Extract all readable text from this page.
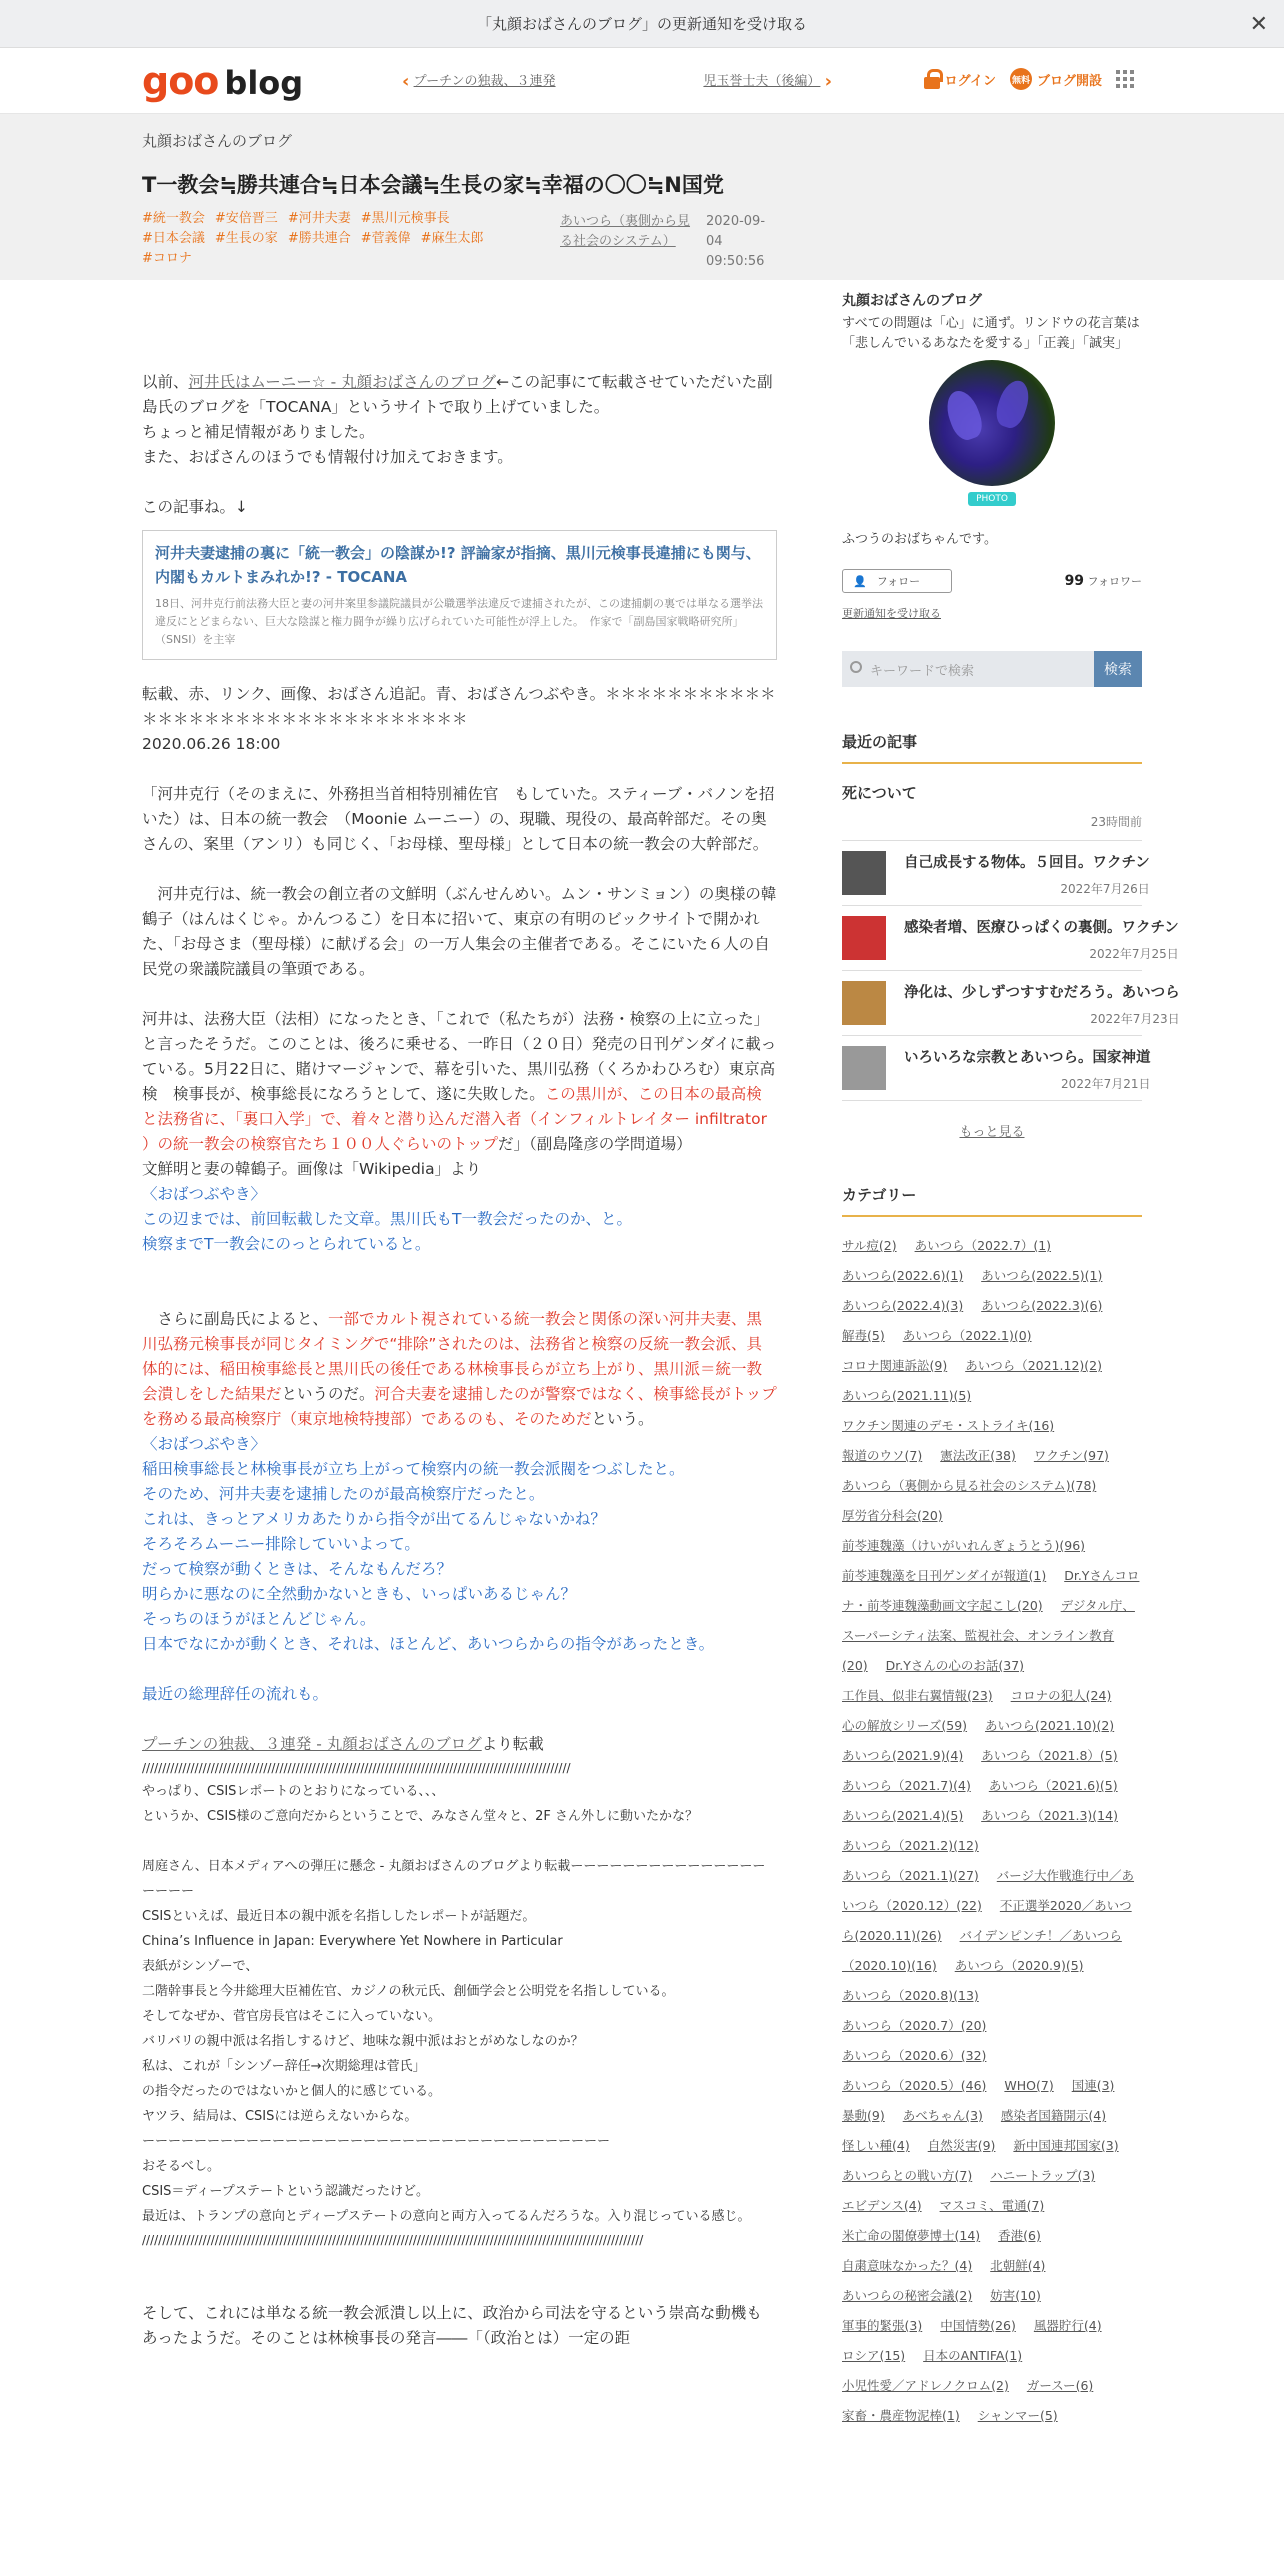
「丸顔おばさんのブログ」の更新通知を受け取る	✕
goo blog	‹ プーチンの独裁、３連発	児玉誉士夫（後編） ›	ログイン 無料 ブログ開設
丸顔おばさんのブログ
T一教会≒勝共連合≒日本会議≒生長の家≒幸福の〇〇≒N国党
#統一教会 #安倍晋三 #河井夫妻 #黒川元検事長#日本会議 #生長の家 #勝共連合 #菅義偉 #麻生太郎#コロナ
あいつら（裏側から見る社会のシステム）
2020-09-04
09:50:56

以前、河井氏はムーニー☆ - 丸顔おばさんのブログ←この記事にて転載させていただいた副島氏のブログを「TOCANA」というサイトで取り上げていました。

ちょっと補足情報がありました。

また、おばさんのほうでも情報付け加えておきます。

この記事ね。↓

河井夫妻逮捕の裏に「統一教会」の陰謀か!? 評論家が指摘、黒川元検事長違捕にも関与、内閣もカルトまみれか!? - TOCANA
18日、河井克行前法務大臣と妻の河井案里参議院議員が公職選挙法違反で逮捕されたが、この逮捕劇の裏では単なる選挙法違反にとどまらない、巨大な陰謀と権力闘争が繰り広げられていた可能性が浮上した。　作家で「副島国家戦略研究所」（SNSI）を主宰

転載、赤、リンク、画像、おばさん追記。青、おばさんつぶやき。＊＊＊＊＊＊＊＊＊＊＊＊＊＊＊＊＊＊＊＊＊＊＊＊＊＊＊＊＊＊＊＊

2020.06.26 18:00

「河井克行（そのまえに、外務担当首相特別補佐官　もしていた。スティーブ・バノンを招いた）は、日本の統一教会　（Moonie ムーニー）の、現職、現役の、最高幹部だ。その奥さんの、案里（アンリ）も同じく、「お母様、聖母様」として日本の統一教会の大幹部だ。

　河井克行は、統一教会の創立者の文鮮明（ぶんせんめい。ムン・サンミョン）の奥様の韓鶴子（はんはくじゃ。かんつるこ）を日本に招いて、東京の有明のビックサイトで開かれた、「お母さま（聖母様）に献げる会」の一万人集会の主催者である。そこにいた６人の自民党の衆議院議員の筆頭である。

河井は、法務大臣（法相）になったとき、「これで（私たちが）法務・検察の上に立った」と言ったそうだ。このことは、後ろに乗せる、一昨日（２０日）発売の日刊ゲンダイに載っている。5月22日に、賭けマージャンで、幕を引いた、黒川弘務（くろかわひろむ）東京高検　検事長が、検事総長になろうとして、遂に失敗した。この黒川が、この日本の最高検と法務省に、「裏口入学」で、着々と潜り込んだ潜入者（インフィルトレイター infiltrator ）の統一教会の検察官たち１００人ぐらいのトップだ」（副島隆彦の学問道場）

文鮮明と妻の韓鶴子。画像は「Wikipedia」より

〈おばつぶやき〉

この辺までは、前回転載した文章。黒川氏もT一教会だったのか、と。

検察までT一教会にのっとられていると。

　さらに副島氏によると、一部でカルト視されている統一教会と関係の深い河井夫妻、黒川弘務元検事長が同じタイミングで“排除”されたのは、法務省と検察の反統一教会派、具体的には、稲田検事総長と黒川氏の後任である林検事長らが立ち上がり、黒川派＝統一教会潰しをした結果だというのだ。河合夫妻を逮捕したのが警察ではなく、検事総長がトップを務める最高検察庁（東京地検特捜部）であるのも、そのためだという。

〈おばつぶやき〉

稲田検事総長と林検事長が立ち上がって検察内の統一教会派閥をつぶしたと。

そのため、河井夫妻を逮捕したのが最高検察庁だったと。

これは、きっとアメリカあたりから指令が出てるんじゃないかね？

そろそろムーニー排除していいよって。

だって検察が動くときは、そんなもんだろ？

明らかに悪なのに全然動かないときも、いっぱいあるじゃん？

そっちのほうがほとんどじゃん。

日本でなにかが動くとき、それは、ほとんど、あいつらからの指令があったとき。

最近の総理辞任の流れも。

プーチンの独裁、３連発 - 丸顔おばさんのブログより転載

//////////////////////////////////////////////////////////////////////////////////////////////////////////

やっぱり、CSISレポートのとおりになっている、、、

というか、CSIS様のご意向だからということで、みなさん堂々と、2F さん外しに動いたかな？

周庭さん、日本メディアへの弾圧に懸念 - 丸顔おばさんのブログより転載ーーーーーーーーーーーーーーーーーーー

CSISといえば、最近日本の親中派を名指ししたレポートが話題だ。

China’s Influence in Japan: Everywhere Yet Nowhere in Particular

表紙がシンゾーで、

二階幹事長と今井総理大臣補佐官、カジノの秋元氏、創価学会と公明党を名指ししている。

そしてなぜか、菅官房長官はそこに入っていない。

バリバリの親中派は名指しするけど、地味な親中派はおとがめなしなのか？

私は、これが「シンゾー辞任→次期総理は菅氏」

の指令だったのではないかと個人的に感じている。

ヤツラ、結局は、CSISには逆らえないからな。

ーーーーーーーーーーーーーーーーーーーーーーーーーーーーーーーーーーーー

おそるべし。

CSIS＝ディープステートという認識だったけど。

最近は、トランプの意向とディープステートの意向と両方入ってるんだろうな。入り混じっている感じ。

////////////////////////////////////////////////////////////////////////////////////////////////////////////////////////////

そして、これには単なる統一教会派潰し以上に、政治から司法を守るという崇高な動機もあったようだ。そのことは林検事長の発言――「（政治とは）一定の距

丸顔おばさんのブログ
すべての問題は「心」に通ず。リンドウの花言葉は「悲しんでいるあなたを愛する」「正義」「誠実」
PHOTO
ふつうのおばちゃんです。
👤 フォロー	99 フォロワー
更新通知を受け取る
キーワードで検索	検索
最近の記事
死について
23時間前
自己成長する物体。５回目。ワクチン
2022年7月26日
感染者増、医療ひっぱくの裏側。ワクチン
2022年7月25日
浄化は、少しずつすすむだろう。あいつら
2022年7月23日
いろいろな宗教とあいつら。国家神道
2022年7月21日
もっと見る
カテゴリー
サル痘(2) あいつら（2022.7）(1) あいつら(2022.6)(1) あいつら(2022.5)(1) あいつら(2022.4)(3) あいつら(2022.3)(6) 解毒(5) あいつら（2022.1)(0) コロナ関連訴訟(9) あいつら（2021.12)(2) あいつら(2021.11)(5) ワクチン関連のデモ・ストライキ(16) 報道のウソ(7) 憲法改正(38) ワクチン(97) あいつら（裏側から見る社会のシステム)(78) 厚労省分科会(20) 前苓連魏藻（けいがいれんぎょうとう)(96) 前苓連魏藻を日刊ゲンダイが報道(1) Dr.Yさんコロナ・前苓連魏藻動画文字起こし(20) デジタル庁、スーパーシティ法案、監視社会、オンライン教育(20) Dr.Yさんの心のお話(37) 工作員、似非右翼情報(23) コロナの犯人(24) 心の解放シリーズ(59) あいつら(2021.10)(2) あいつら(2021.9)(4) あいつら（2021.8）(5) あいつら（2021.7)(4) あいつら（2021.6)(5) あいつら(2021.4)(5) あいつら（2021.3)(14) あいつら（2021.2)(12) あいつら（2021.1)(27) バージ大作戦進行中／あいつら（2020.12）(22) 不正選挙2020／あいつら(2020.11)(26) バイデンピンチ！／あいつら（2020.10)(16) あいつら（2020.9)(5) あいつら（2020.8)(13) あいつら（2020.7）(20) あいつら（2020.6）(32) あいつら（2020.5）(46) WHO(7) 国連(3) 暴動(9) あべちゃん(3) 感染者国籍開示(4) 怪しい種(4) 自然災害(9) 新中国連邦国家(3) あいつらとの戦い方(7) ハニートラップ(3) エビデンス(4) マスコミ、電通(7) 米亡命の閣僚夢博士(14) 香港(6) 自粛意味なかった？(4) 北朝鮮(4) あいつらの秘密会議(2) 妨害(10) 軍事的緊張(3) 中国情勢(26) 風器貯行(4) ロシア(15) 日本のANTIFA(1) 小児性愛／アドレノクロム(2) ガースー(6) 家畜・農産物泥棒(1) シャンマー(5)
